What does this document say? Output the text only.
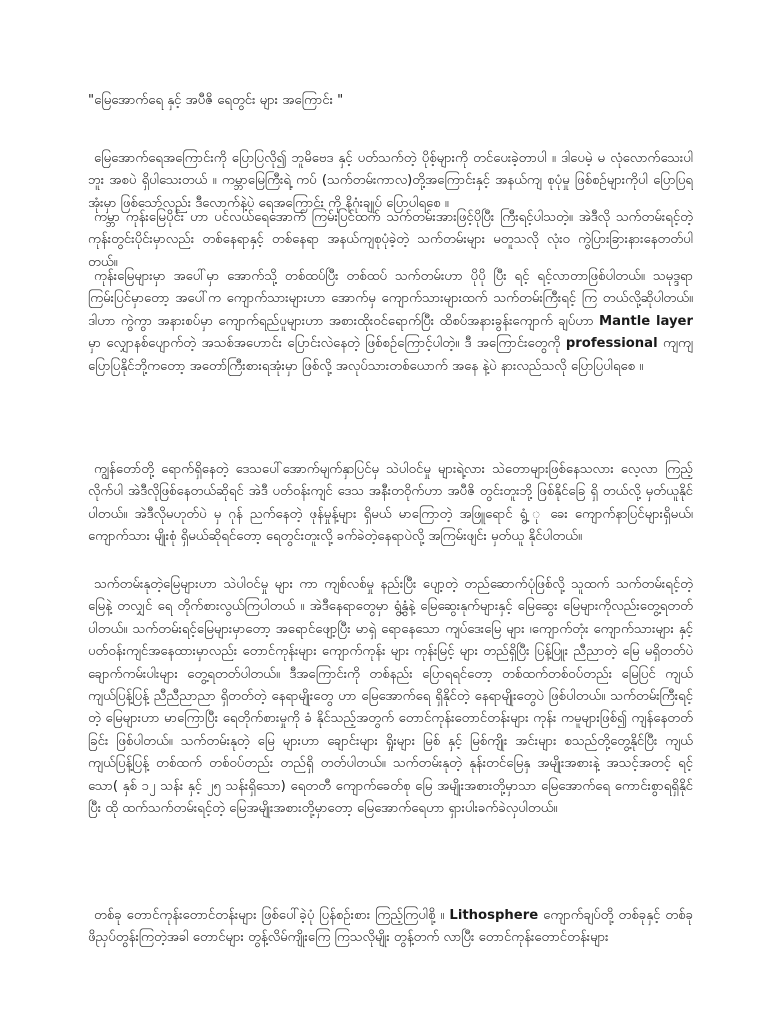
"မြေအောက်ရေ နှင့် အပီဇိ ရေတွင်း များ အကြောင်း "

မြေအောက်ရေအကြောင်းကို ပြောပြလို၍ ဘူမိဗေဒ နှင့် ပတ်သက်တဲ့ ပိုစ့်များကို တင်ပေးခဲ့တာပါ ။ ဒါပေမဲ့ မ လုံလောက်သေးပါဘူး အစပဲ ရှိပါသေးတယ် ။ ကမ္ဘာမြေကြီးရဲ့ ကပ် (သက်တမ်းကာလ)တို့အကြောင်းနှင့် အနယ်ကျ စုပုံမှု ဖြစ်စဉ်များကိုပါ ပြောပြရအုံးမှာ ဖြစ်သော်လည်း ဒီလောက်နဲ့ပဲ ရေအကြောင်း ကို နိဂုံးချုပ် ပြောပါရစေ ။

ကမ္ဘာ ကုန်းမြေပိုင်း ဟာ ပင်လယ်ရေအောက် ကြမ်းပြင်ထက် သက်တမ်းအားဖြင့်ပိုပြီး ကြီးရင့်ပါသတဲ့။ အဲဒီလို သက်တမ်းရင့်တဲ့ ကုန်းတွင်းပိုင်းမှာလည်း တစ်နေရာနှင့် တစ်နေရာ အနယ်ကျစုပုံခဲ့တဲ့ သက်တမ်းများ မတူသလို လုံးဝ ကွဲပြားခြားနားနေတတ်ပါတယ်။

ကုန်းမြေများမှာ အပေါ်မှာ အောက်သို့ တစ်ထပ်ပြီး တစ်ထပ် သက်တမ်းဟာ ပိုပို ပြီး ရင့် ရင့်လာတာဖြစ်ပါတယ်။ သမုဒ္ဒရာ ကြမ်းပြင်မှာတော့ အပေါ်က ကျောက်သားများဟာ အောက်မှ ကျောက်သားများထက် သက်တမ်းကြီးရင့် ကြ တယ်လို့ဆိုပါတယ်။ ဒါဟာ ကွဲကွာ အနားစပ်မှာ ကျောက်ရည်ပူများဟာ အစားထိုးဝင်ရောက်ပြီး ထိစပ်အနားခွန်းကျောက် ချပ်ဟာ Mantle layer မှာ လျှောနစ်ပျောက်တဲ့ အသစ်အဟောင်း ပြောင်းလဲနေတဲ့ ဖြစ်စဉ်ကြောင့်ပါတဲ့။ ဒီ အကြောင်းတွေကို professional ကျကျ ပြောပြနိုင်ဘို့ကတော့ အတော်ကြီးစားရအုံးမှာ ဖြစ်လို့ အလုပ်သားတစ်ယောက် အနေ နဲ့ပဲ နားလည်သလို ပြောပြပါရစေ ။

ကျွန်တော်တို့ ရောက်ရှိနေတဲ့ ဒေသပေါ်အောက်မျက်နှာပြင်မှ သဲပါဝင်မှု များရဲ့လား သဲတောများဖြစ်နေသလား လေ့လာ ကြည့်လိုက်ပါ အဲဒီလိုဖြစ်နေတယ်ဆိုရင် အဲဒီ ပတ်ဝန်းကျင် ဒေသ အနီးတဝိုက်ဟာ အပီဇိ တွင်းတူးဘို့ ဖြစ်နိုင်ခြေ ရှိ တယ်လို့ မှတ်ယူနိုင်ပါတယ်။ အဲဒီလိုမဟုတ်ပဲ မှ ဂုန် ညက်နေတဲ့ ဖုန်မှုန့်များ ရှိမယ် မာကြောတဲ့ အဖြူရောင် ရွံ့ ု ခေး ကျောက်နာပြင်များရှိမယ်၊ ကျောက်သား မျိုးစုံ ရှိမယ်ဆိုရင်တော့ ရေတွင်းတူးလို့ ခက်ခဲတဲ့နေရာပဲလို့ အကြမ်းဖျင်း မှတ်ယူ နိုင်ပါတယ်။

သက်တမ်းနုတဲ့မြေများဟာ သဲပါဝင်မှု များ ကာ ကျစ်လစ်မှု နည်းပြီး ပျော့တဲ့ တည်ဆောက်ပုံဖြစ်လို့ သူထက် သက်တမ်းရင့်တဲ့ မြေနဲ့ တလျှင် ရေ တိုက်စားလွယ်ကြပါတယ် ။ အဲဒီနေရာတွေမှာ ရွံ့နွံနဲ့ မြေဆွေးနုက်များနှင့် မြေဆွေး မြေများကိုလည်းတွေ့ရတတ်ပါတယ်။ သက်တမ်းရင့်မြေများမှာတော့ အရောင်ဖျော့ပြီး မာရှဲ ရောနေသော ကျပ်ဒေးမြေ များ ၊ကျောက်တုံး ကျောက်သားများ နှင့်ပတ်ဝန်းကျင်အနေထားမှာလည်း တောင်ကုန်းများ ကျောက်ကုန်း များ ကုန်းမြင့် များ တည်ရှိပြီး ပြန့်ပြူး ညီညာတဲ့ မြေ မရှိတတ်ပဲ ချောက်ကမ်းပါးများ တွေ့ရတတ်ပါတယ်။ ဒီအကြောင်းကို တစ်နည်း ပြောရရင်တော့ တစ်ထက်တစ်ဝပ်တည်း မြေပြင် ကျယ်ကျယ်ပြန့်ပြန့် ညီညီညာညာ ရှိတတ်တဲ့ နေရာမျိုးတွေ ဟာ မြေအောက်ရေ ရှိနိုင်တဲ့ နေရာမျိုးတွေပဲ ဖြစ်ပါတယ်။ သက်တမ်းကြီးရင့်တဲ့ မြေများဟာ မာကြောပြီး ရေတိုက်စားမှုကို ခံ နိုင်သည့်အတွက် တောင်ကုန်းတောင်တန်းများ ကုန်း ကမူများဖြစ်၍ ကျန်နေတတ်ခြင်း ဖြစ်ပါတယ်။ သက်တမ်းနုတဲ့ မြေ များဟာ ချောင်းများ ရှိုးများ မြစ် နှင့် မြစ်ကျိုး အင်းများ စသည်တို့တွေ့နိုင်ပြီး ကျယ်ကျယ်ပြန့်ပြန့် တစ်ထက် တစ်ဝပ်တည်း တည်ရှိ တတ်ပါတယ်။ သက်တမ်းနုတဲ့ နုန်းတင်မြေနှ အမျိုးအစားနဲ့ အသင့်အတင့် ရင့်သော( နှစ် ၁၂ သန်း နှင့် ၂၅ သန်းရှိသော) ရေတတီ ကျောက်ခေတ်စု မြေ အမျိုးအစားတို့မှာသာ မြေအောက်ရေ ကောင်းစွာရရှိနိုင်ပြီး ထို ထက်သက်တမ်းရင့်တဲ့ မြေအမျိုးအစားတို့မှာတော့ မြေအောက်ရေဟာ ရှားပါးခက်ခဲလှပါတယ်။

တစ်ခု တောင်ကုန်းတောင်တန်းများ ဖြစ်ပေါ်ခဲ့ပုံ ပြန်စဉ်းစား ကြည့်ကြပါစို့ ။ Lithosphere ကျောက်ချပ်တို့ တစ်ခုနှင့် တစ်ခု ဖိညှပ်တွန်းကြတဲ့အခါ တောင်များ တွန့်လိမ်ကျိုးကြေ ကြသလိုမျိုး တွန့်တက် လာပြီး တောင်ကုန်းတောင်တန်းများ
